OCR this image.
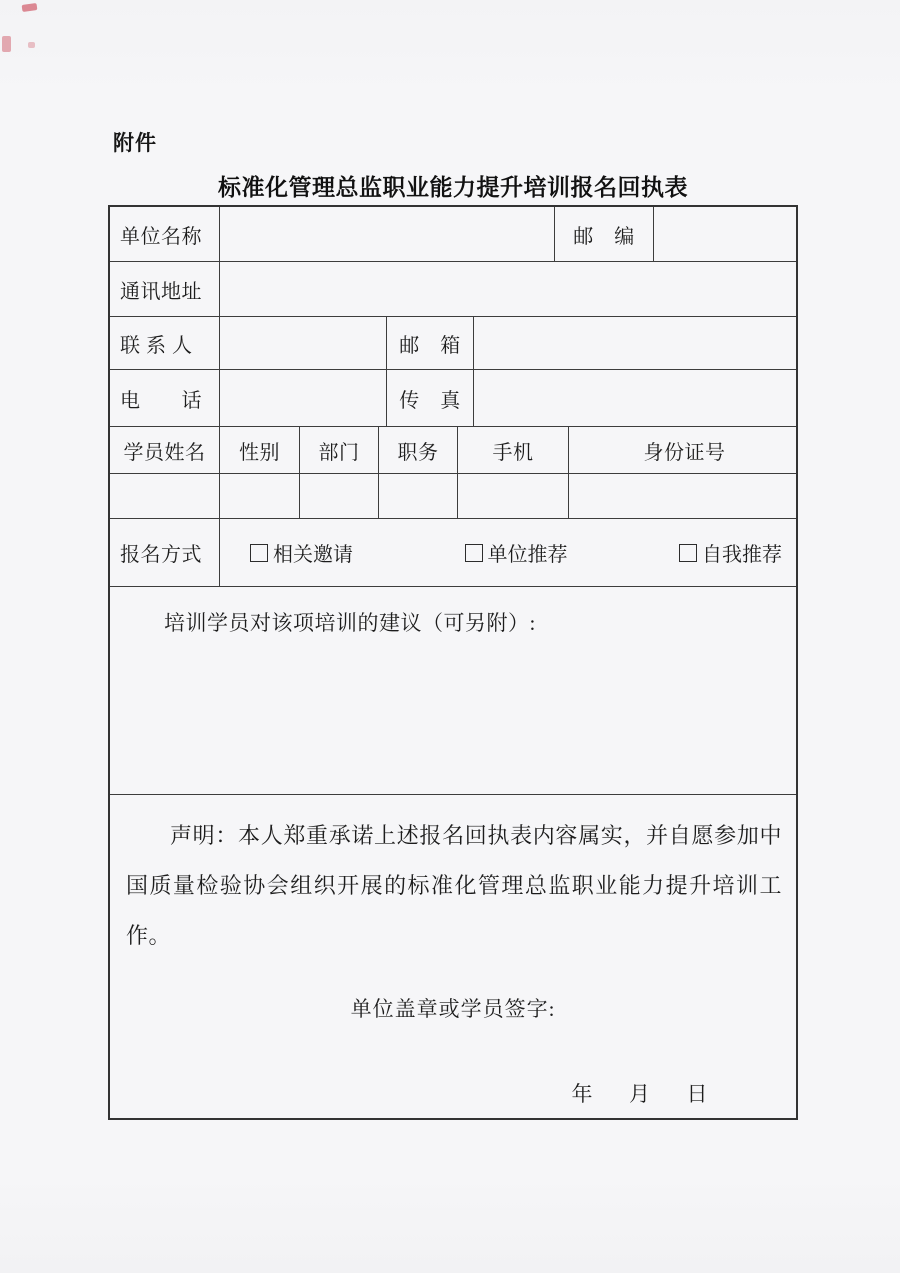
附件
标准化管理总监职业能力提升培训报名回执表
单位名称	邮　编
通讯地址
联 系 人	邮　箱
电　　话	传　真
学员姓名	性别	部门	职务	手机	身份证号
报名方式	相关邀请	单位推荐	自我推荐
培训学员对该项培训的建议（可另附）:
声明：本人郑重承诺上述报名回执表内容属实，并自愿参加中国质量检验协会组织开展的标准化管理总监职业能力提升培训工作。
单位盖章或学员签字:
年 月 日
